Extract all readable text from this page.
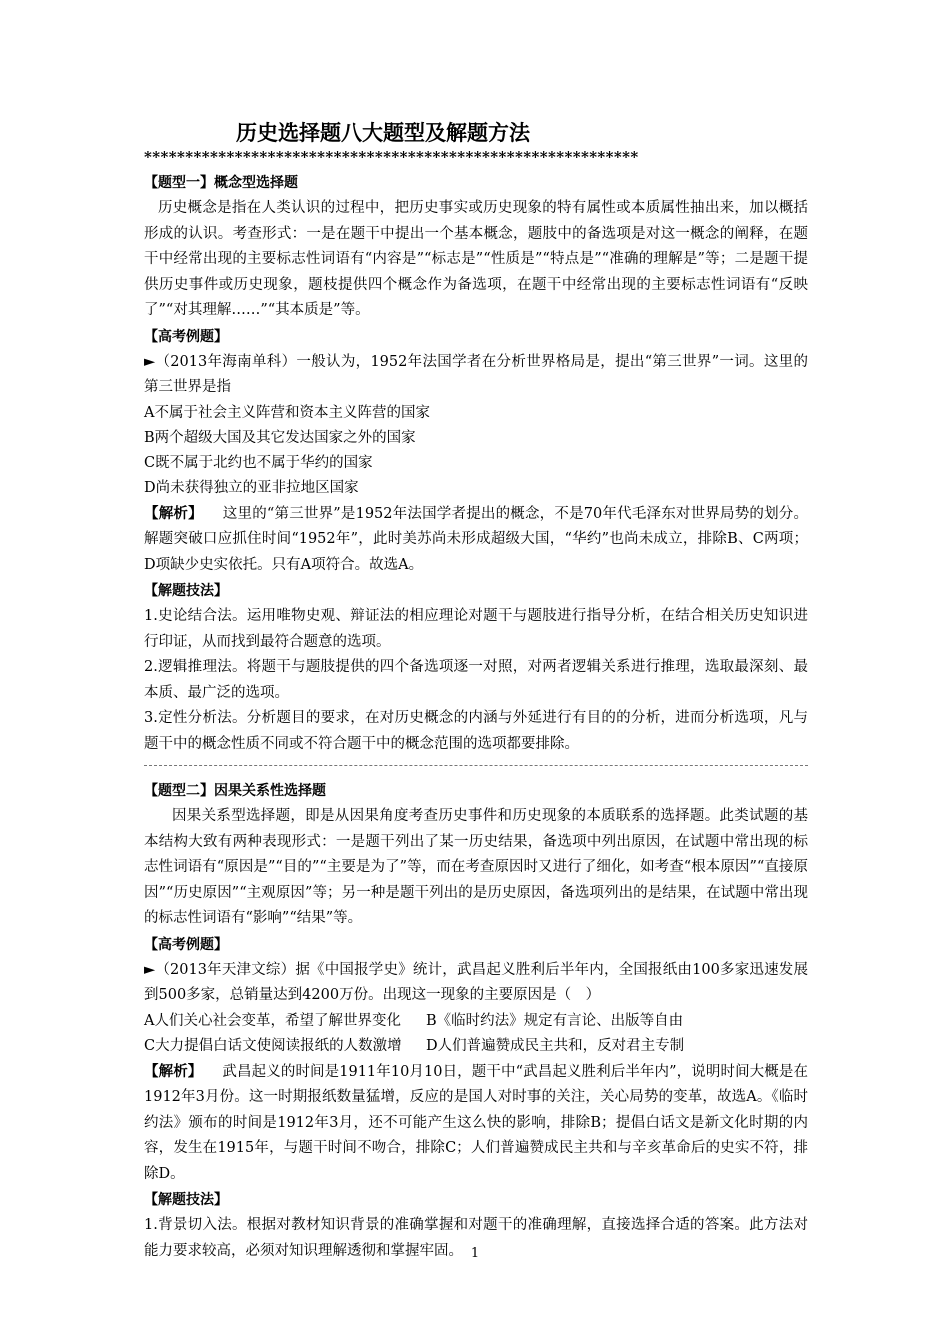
历史选择题八大题型及解题方法
************************************************************
【题型一】概念型选择题

历史概念是指在人类认识的过程中，把历史事实或历史现象的特有属性或本质属性抽出来，加以概括形成的认识。考查形式：一是在题干中提出一个基本概念，题肢中的备选项是对这一概念的阐释，在题干中经常出现的主要标志性词语有“内容是”“标志是”“性质是”“特点是”“准确的理解是”等；二是题干提供历史事件或历史现象，题枝提供四个概念作为备选项，在题干中经常出现的主要标志性词语有“反映了”“对其理解……”“其本质是”等。

【高考例题】

►（2013年海南单科）一般认为，1952年法国学者在分析世界格局是，提出“第三世界”一词。这里的第三世界是指

A不属于社会主义阵营和资本主义阵营的国家
B两个超级大国及其它发达国家之外的国家
C既不属于北约也不属于华约的国家
D尚未获得独立的亚非拉地区国家

【解析】 这里的“第三世界”是1952年法国学者提出的概念，不是70年代毛泽东对世界局势的划分。解题突破口应抓住时间“1952年”，此时美苏尚未形成超级大国，“华约”也尚未成立，排除B、C两项；D项缺少史实依托。只有A项符合。故选A。

【解题技法】

1.史论结合法。运用唯物史观、辩证法的相应理论对题干与题肢进行指导分析，在结合相关历史知识进行印证，从而找到最符合题意的选项。

2.逻辑推理法。将题干与题肢提供的四个备选项逐一对照，对两者逻辑关系进行推理，选取最深刻、最本质、最广泛的选项。

3.定性分析法。分析题目的要求，在对历史概念的内涵与外延进行有目的的分析，进而分析选项，凡与题干中的概念性质不同或不符合题干中的概念范围的选项都要排除。

【题型二】因果关系性选择题

因果关系型选择题，即是从因果角度考查历史事件和历史现象的本质联系的选择题。此类试题的基本结构大致有两种表现形式：一是题干列出了某一历史结果，备选项中列出原因，在试题中常出现的标志性词语有“原因是”“目的”“主要是为了”等，而在考查原因时又进行了细化，如考查“根本原因”“直接原因”“历史原因”“主观原因”等；另一种是题干列出的是历史原因，备选项列出的是结果，在试题中常出现的标志性词语有“影响”“结果”等。

【高考例题】

►（2013年天津文综）据《中国报学史》统计，武昌起义胜利后半年内，全国报纸由100多家迅速发展到500多家，总销量达到4200万份。出现这一现象的主要原因是（　）

A人们关心社会变革，希望了解世界变化	B《临时约法》规定有言论、出版等自由
C大力提倡白话文使阅读报纸的人数激增	D人们普遍赞成民主共和，反对君主专制

【解析】 武昌起义的时间是1911年10月10日，题干中“武昌起义胜利后半年内”，说明时间大概是在1912年3月份。这一时期报纸数量猛增，反应的是国人对时事的关注，关心局势的变革，故选A。《临时约法》颁布的时间是1912年3月，还不可能产生这么快的影响，排除B；提倡白话文是新文化时期的内容，发生在1915年，与题干时间不吻合，排除C；人们普遍赞成民主共和与辛亥革命后的史实不符，排除D。

【解题技法】

1.背景切入法。根据对教材知识背景的准确掌握和对题干的准确理解，直接选择合适的答案。此方法对能力要求较高，必须对知识理解透彻和掌握牢固。 1
